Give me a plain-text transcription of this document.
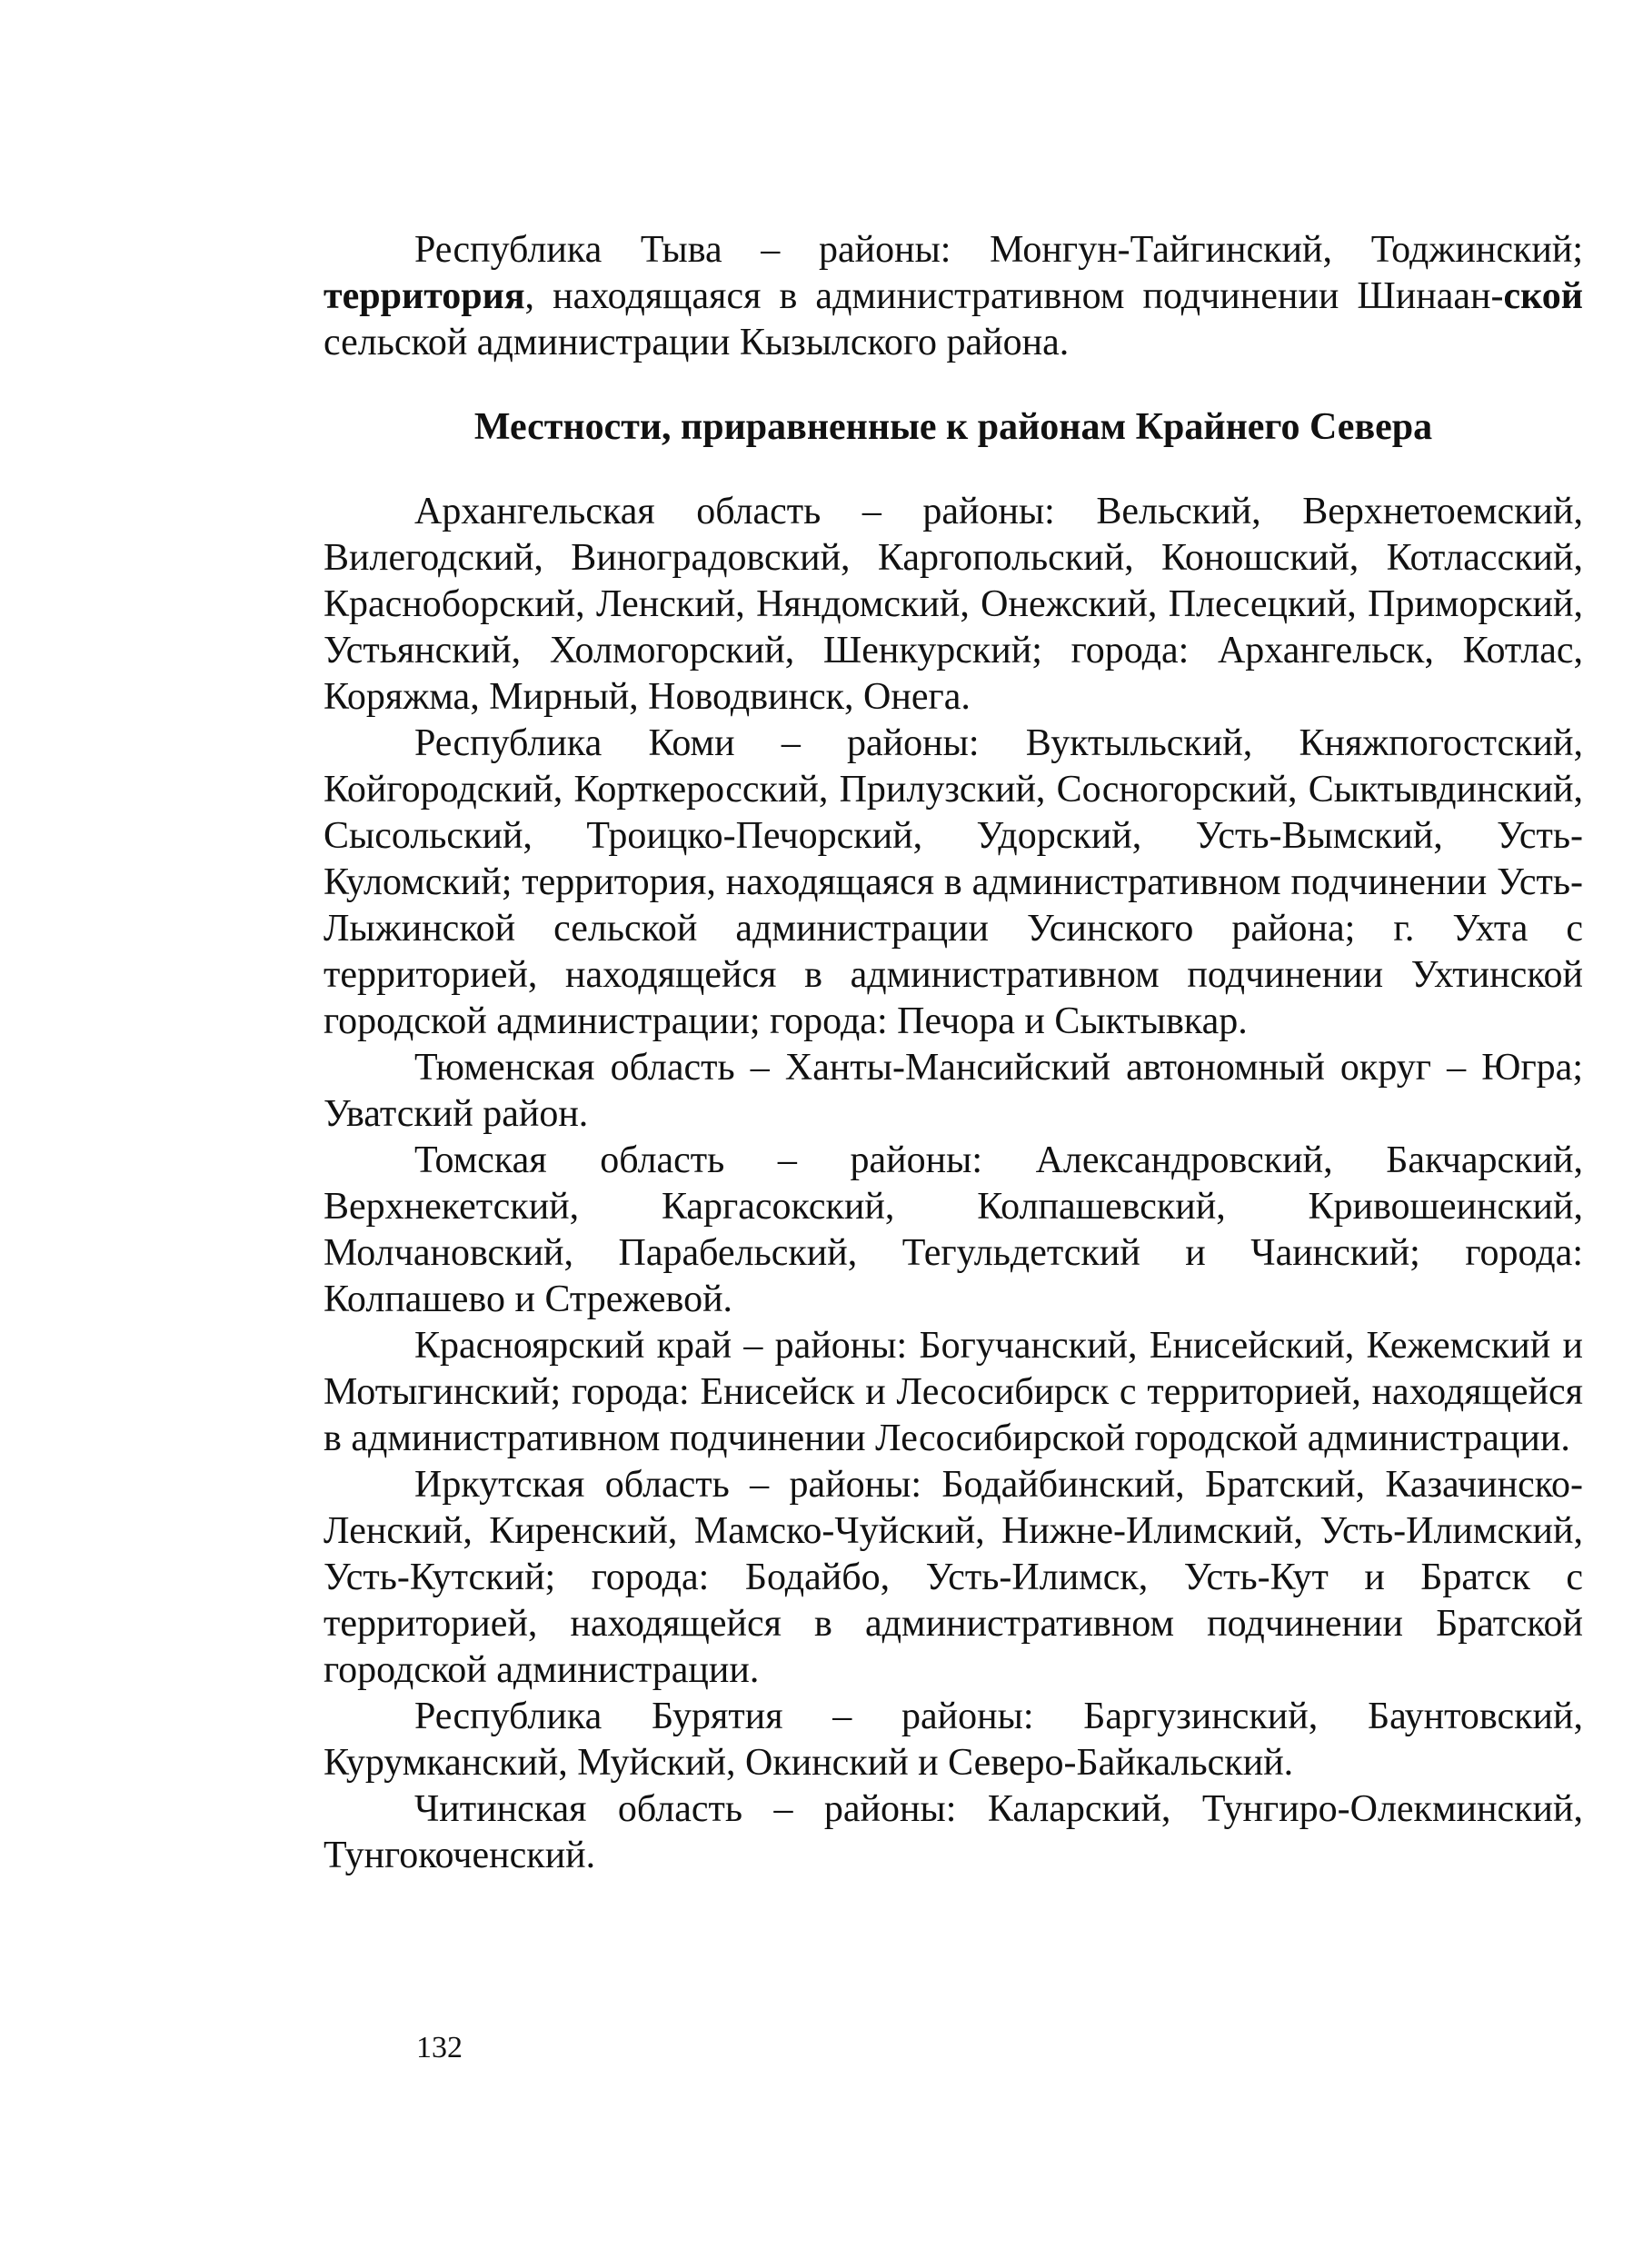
Республика Тыва – районы: Монгун-Тайгинский, Тоджинский; территория, находящаяся в административном подчинении Шинаан-ской сельской администрации Кызылского района.

Местности, приравненные к районам Крайнего Севера

Архангельская область – районы: Вельский, Верхнетоемский, Вилегодский, Виноградовский, Каргопольский, Коношский, Котласский, Красноборский, Ленский, Няндомский, Онежский, Плесецкий, Приморский, Устьянский, Холмогорский, Шенкурский; города: Архангельск, Котлас, Коряжма, Мирный, Новодвинск, Онега.

Республика Коми – районы: Вуктыльский, Княжпогостский, Койгородский, Корткеросский, Прилузский, Сосногорский, Сыктывдинский, Сысольский, Троицко-Печорский, Удорский, Усть-Вымский, Усть-Куломский; территория, находящаяся в административном подчинении Усть-Лыжинской сельской администрации Усинского района; г. Ухта с территорией, находящейся в административном подчинении Ухтинской городской администрации; города: Печора и Сыктывкар.

Тюменская область – Ханты-Мансийский автономный округ – Югра; Уватский район.

Томская область – районы: Александровский, Бакчарский, Верхнекетский, Каргасокский, Колпашевский, Кривошеинский, Молчановский, Парабельский, Тегульдетский и Чаинский; города: Колпашево и Стрежевой.

Красноярский край – районы: Богучанский, Енисейский, Кежемский и Мотыгинский; города: Енисейск и Лесосибирск с территорией, находящейся в административном подчинении Лесосибирской городской администрации.

Иркутская область – районы: Бодайбинский, Братский, Казачинско-Ленский, Киренский, Мамско-Чуйский, Нижне-Илимский, Усть-Илимский, Усть-Кутский; города: Бодайбо, Усть-Илимск, Усть-Кут и Братск с территорией, находящейся в административном подчинении Братской городской администрации.

Республика Бурятия – районы: Баргузинский, Баунтовский, Курумканский, Муйский, Окинский и Северо-Байкальский.

Читинская область – районы: Каларский, Тунгиро-Олекминский, Тунгокоченский.

132
